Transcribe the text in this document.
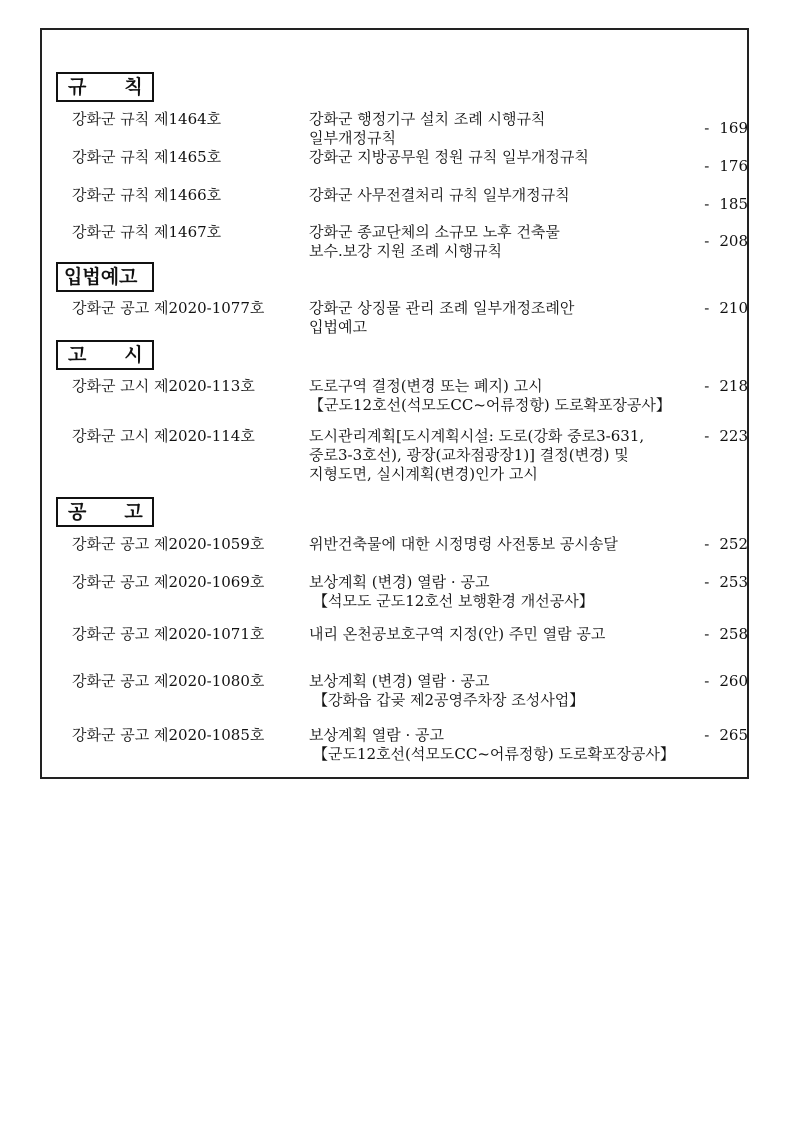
규 칙
강화군 규칙 제1464호	강화군 행정기구 설치 조례 시행규칙
일부개정규칙
- 169
강화군 규칙 제1465호	강화군 지방공무원 정원 규칙 일부개정규칙	- 176
강화군 규칙 제1466호	강화군 사무전결처리 규칙 일부개정규칙	- 185
강화군 규칙 제1467호	강화군 종교단체의 소규모 노후 건축물
보수.보강 지원 조례 시행규칙
- 208
입법예고
강화군 공고 제2020-1077호	강화군 상징물 관리 조례 일부개정조례안
입법예고
- 210
고 시
강화군 고시 제2020-113호	도로구역 결정(변경 또는 폐지) 고시
【군도12호선(석모도CC~어류정항) 도로확포장공사】
- 218
강화군 고시 제2020-114호	도시관리계획[도시계획시설: 도로(강화 중로3-631,
중로3-3호선), 광장(교차점광장1)] 결정(변경) 및
지형도면, 실시계획(변경)인가 고시
- 223
공 고
강화군 공고 제2020-1059호	위반건축물에 대한 시정명령 사전통보 공시송달	- 252
강화군 공고 제2020-1069호	보상계획 (변경) 열람 · 공고
【석모도 군도12호선 보행환경 개선공사】
- 253
강화군 공고 제2020-1071호	내리 온천공보호구역 지정(안) 주민 열람 공고	- 258
강화군 공고 제2020-1080호	보상계획 (변경) 열람 · 공고
【강화읍 갑곶 제2공영주차장 조성사업】
- 260
강화군 공고 제2020-1085호	보상계획 열람 · 공고
【군도12호선(석모도CC~어류정항) 도로확포장공사】
- 265
